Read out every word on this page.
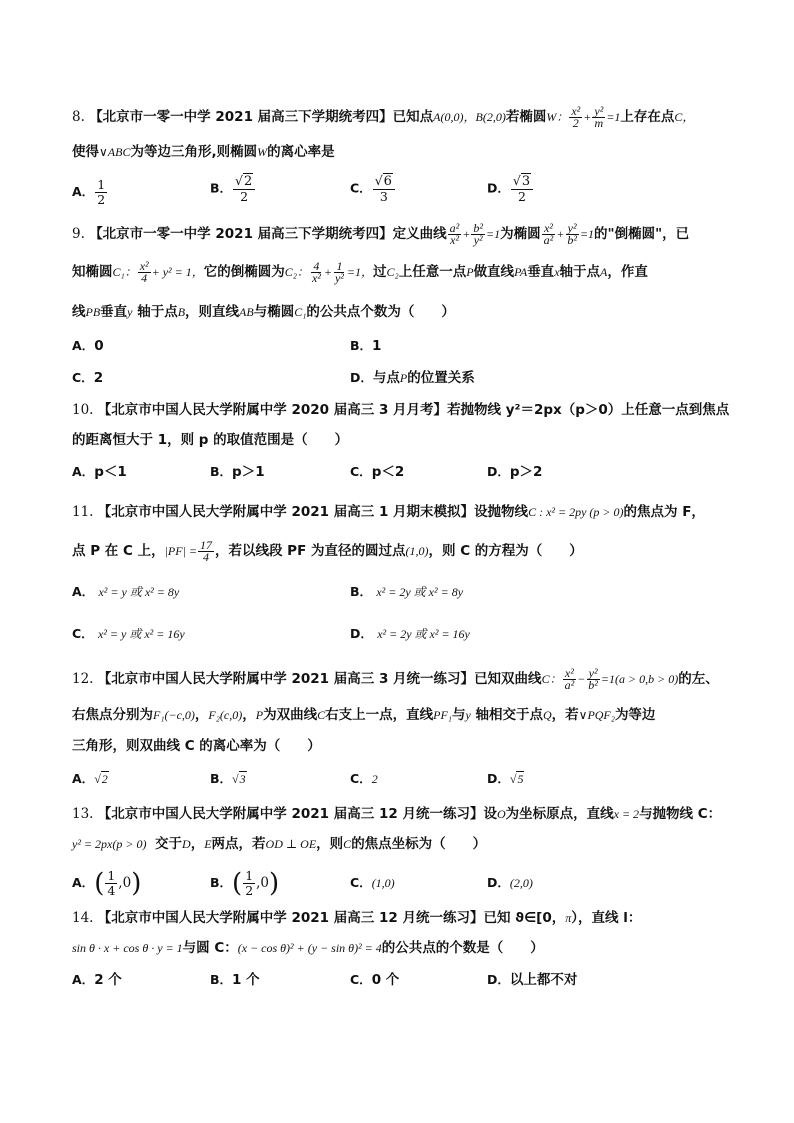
8. 【北京市一零一中学 2021 届高三下学期统考四】已知点A(0,0)，B(2,0)若椭圆W： $\frac{\text{x²}}{2} + \frac{\text{y²}}{m} =1$上存在点C，
使得∨ABC为等边三角形,则椭圆W的离心率是
A． $\frac{1}{2}$	B． $\frac{√2}{2}$	C． $\frac{√6}{3}$	D． $\frac{√3}{2}$
9. 【北京市一零一中学 2021 届高三下学期统考四】定义曲线 $\frac{\text{a²}}{\text{x²}} + \frac{\text{b²}}{\text{y²}} =1$为椭圆 $\frac{\text{x²}}{\text{a²}} + \frac{\text{y²}}{\text{b²}} =1$的"倒椭圆"，已
知椭圆C₁： $\frac{\text{x²}}{4} + y^2 = 1$，它的倒椭圆为C₂： $\frac{4}{\text{x²}} + \frac{1}{\text{y²}} =1$，过C₂上任意一点P做直线PA垂直x轴于点A，作直
线PB垂直y 轴于点B，则直线AB与椭圆C₁的公共点个数为（　　）
A．0	B．1
C．2	D．与点P的位置关系
10. 【北京市中国人民大学附属中学 2020 届高三 3 月月考】若抛物线 y²＝2px（p＞0）上任意一点到焦点
的距离恒大于 1，则 p 的取值范围是（　　）
A．p＜1	B．p＞1	C．p＜2	D．p＞2
11. 【北京市中国人民大学附属中学 2021 届高三 1 月期末模拟】设抛物线C : x² = 2py (p > 0)的焦点为 F，
点 P 在 C 上，$|PF| = \frac{17}{4}$ ，若以线段 PF 为直径的圆过点(1,0)，则 C 的方程为（　　）
A． x² = y 或 x² = 8y	B． x² = 2y 或 x² = 8y
C． x² = y 或 x² = 16y	D． x² = 2y 或 x² = 16y
12. 【北京市中国人民大学附属中学 2021 届高三 3 月统一练习】已知双曲线C： $\frac{\text{x²}}{\text{a²}} - \frac{\text{y²}}{\text{b²}} =1(a > 0,b > 0)$的左、
右焦点分别为F₁(−c,0)，F₂(c,0)，P为双曲线C右支上一点，直线PF₁与y 轴相交于点Q，若∨PQF₂为等边
三角形，则双曲线 C 的离心率为（　　）
A．√2	B．√3	C．2	D．√5
13. 【北京市中国人民大学附属中学 2021 届高三 12 月统一练习】设O为坐标原点，直线x = 2与抛物线 C：
y² = 2px(p > 0) 交于D，E两点，若OD ⊥ OE，则C的焦点坐标为（　　）
A．( $\frac{1}{4} ,0$)	B．( $\frac{1}{2} ,0$)	C．(1,0)	D．(2,0)
14. 【北京市中国人民大学附属中学 2021 届高三 12 月统一练习】已知 ϑ∈[0，π），直线 l：
sin θ · x + cos θ · y = 1与圆 C：(x − cos θ)² + (y − sin θ)² = 4的公共点的个数是（　　）
A．2 个	B．1 个	C．0 个	D．以上都不对
